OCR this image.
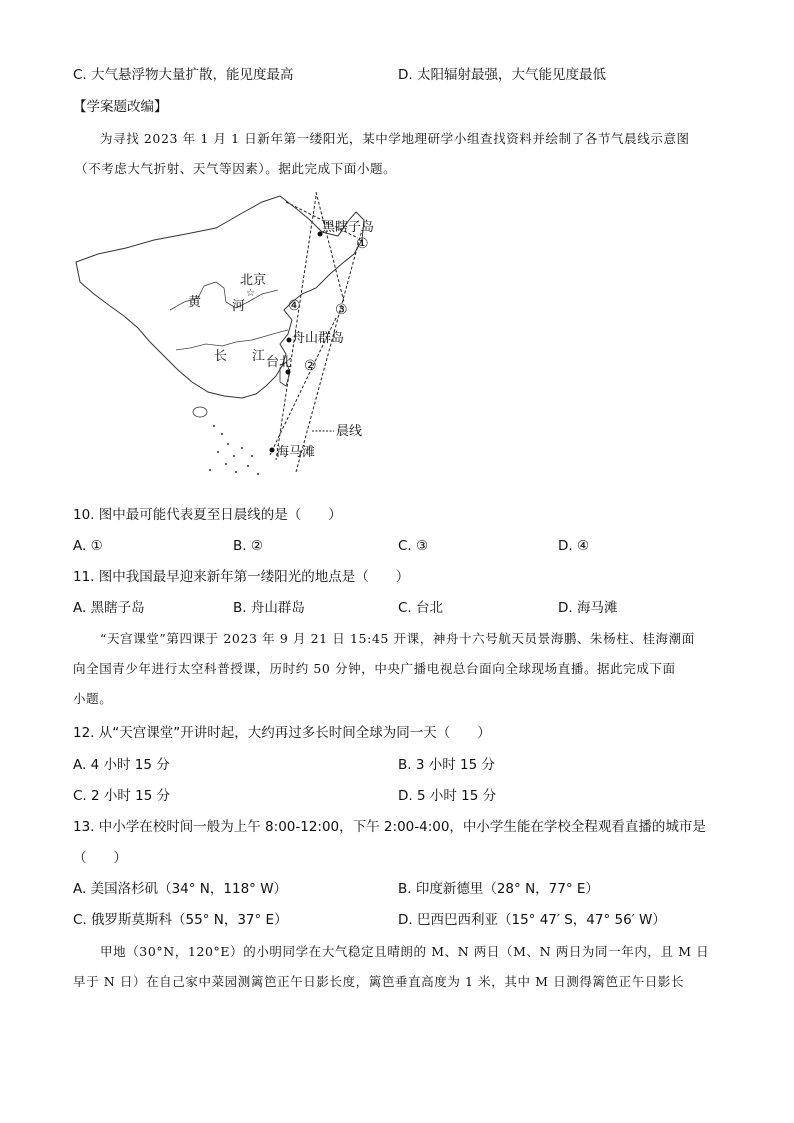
C. 大气悬浮物大量扩散，能见度最高	D. 太阳辐射最强，大气能见度最低
【学案题改编】
为寻找 2023 年 1 月 1 日新年第一缕阳光，某中学地理研学小组查找资料并绘制了各节气晨线示意图
（不考虑大气折射、天气等因素）。据此完成下面小题。
☆
黑瞎子岛
北京
黄 河
舟山群岛
长 江 台北
海马滩
①
②
③
④
晨线
10. 图中最可能代表夏至日晨线的是（　　）
A. ①	B. ②	C. ③	D. ④
11. 图中我国最早迎来新年第一缕阳光的地点是（　　）
A. 黑瞎子岛	B. 舟山群岛	C. 台北	D. 海马滩
“天宫课堂”第四课于 2023 年 9 月 21 日 15:45 开课，神舟十六号航天员景海鹏、朱杨柱、桂海潮面
向全国青少年进行太空科普授课，历时约 50 分钟，中央广播电视总台面向全球现场直播。据此完成下面
小题。
12. 从“天宫课堂”开讲时起，大约再过多长时间全球为同一天（　　）
A. 4 小时 15 分	B. 3 小时 15 分
C. 2 小时 15 分	D. 5 小时 15 分
13. 中小学在校时间一般为上午 8:00-12:00，下午 2:00-4:00，中小学生能在学校全程观看直播的城市是
（　　）
A. 美国洛杉矶（34° N，118° W）	B. 印度新德里（28° N，77° E）
C. 俄罗斯莫斯科（55° N，37° E）	D. 巴西巴西利亚（15° 47′ S，47° 56′ W）
甲地（30°N，120°E）的小明同学在大气稳定且晴朗的 M、N 两日（M、N 两日为同一年内，且 M 日
早于 N 日）在自己家中菜园测篱笆正午日影长度，篱笆垂直高度为 1 米，其中 M 日测得篱笆正午日影长
